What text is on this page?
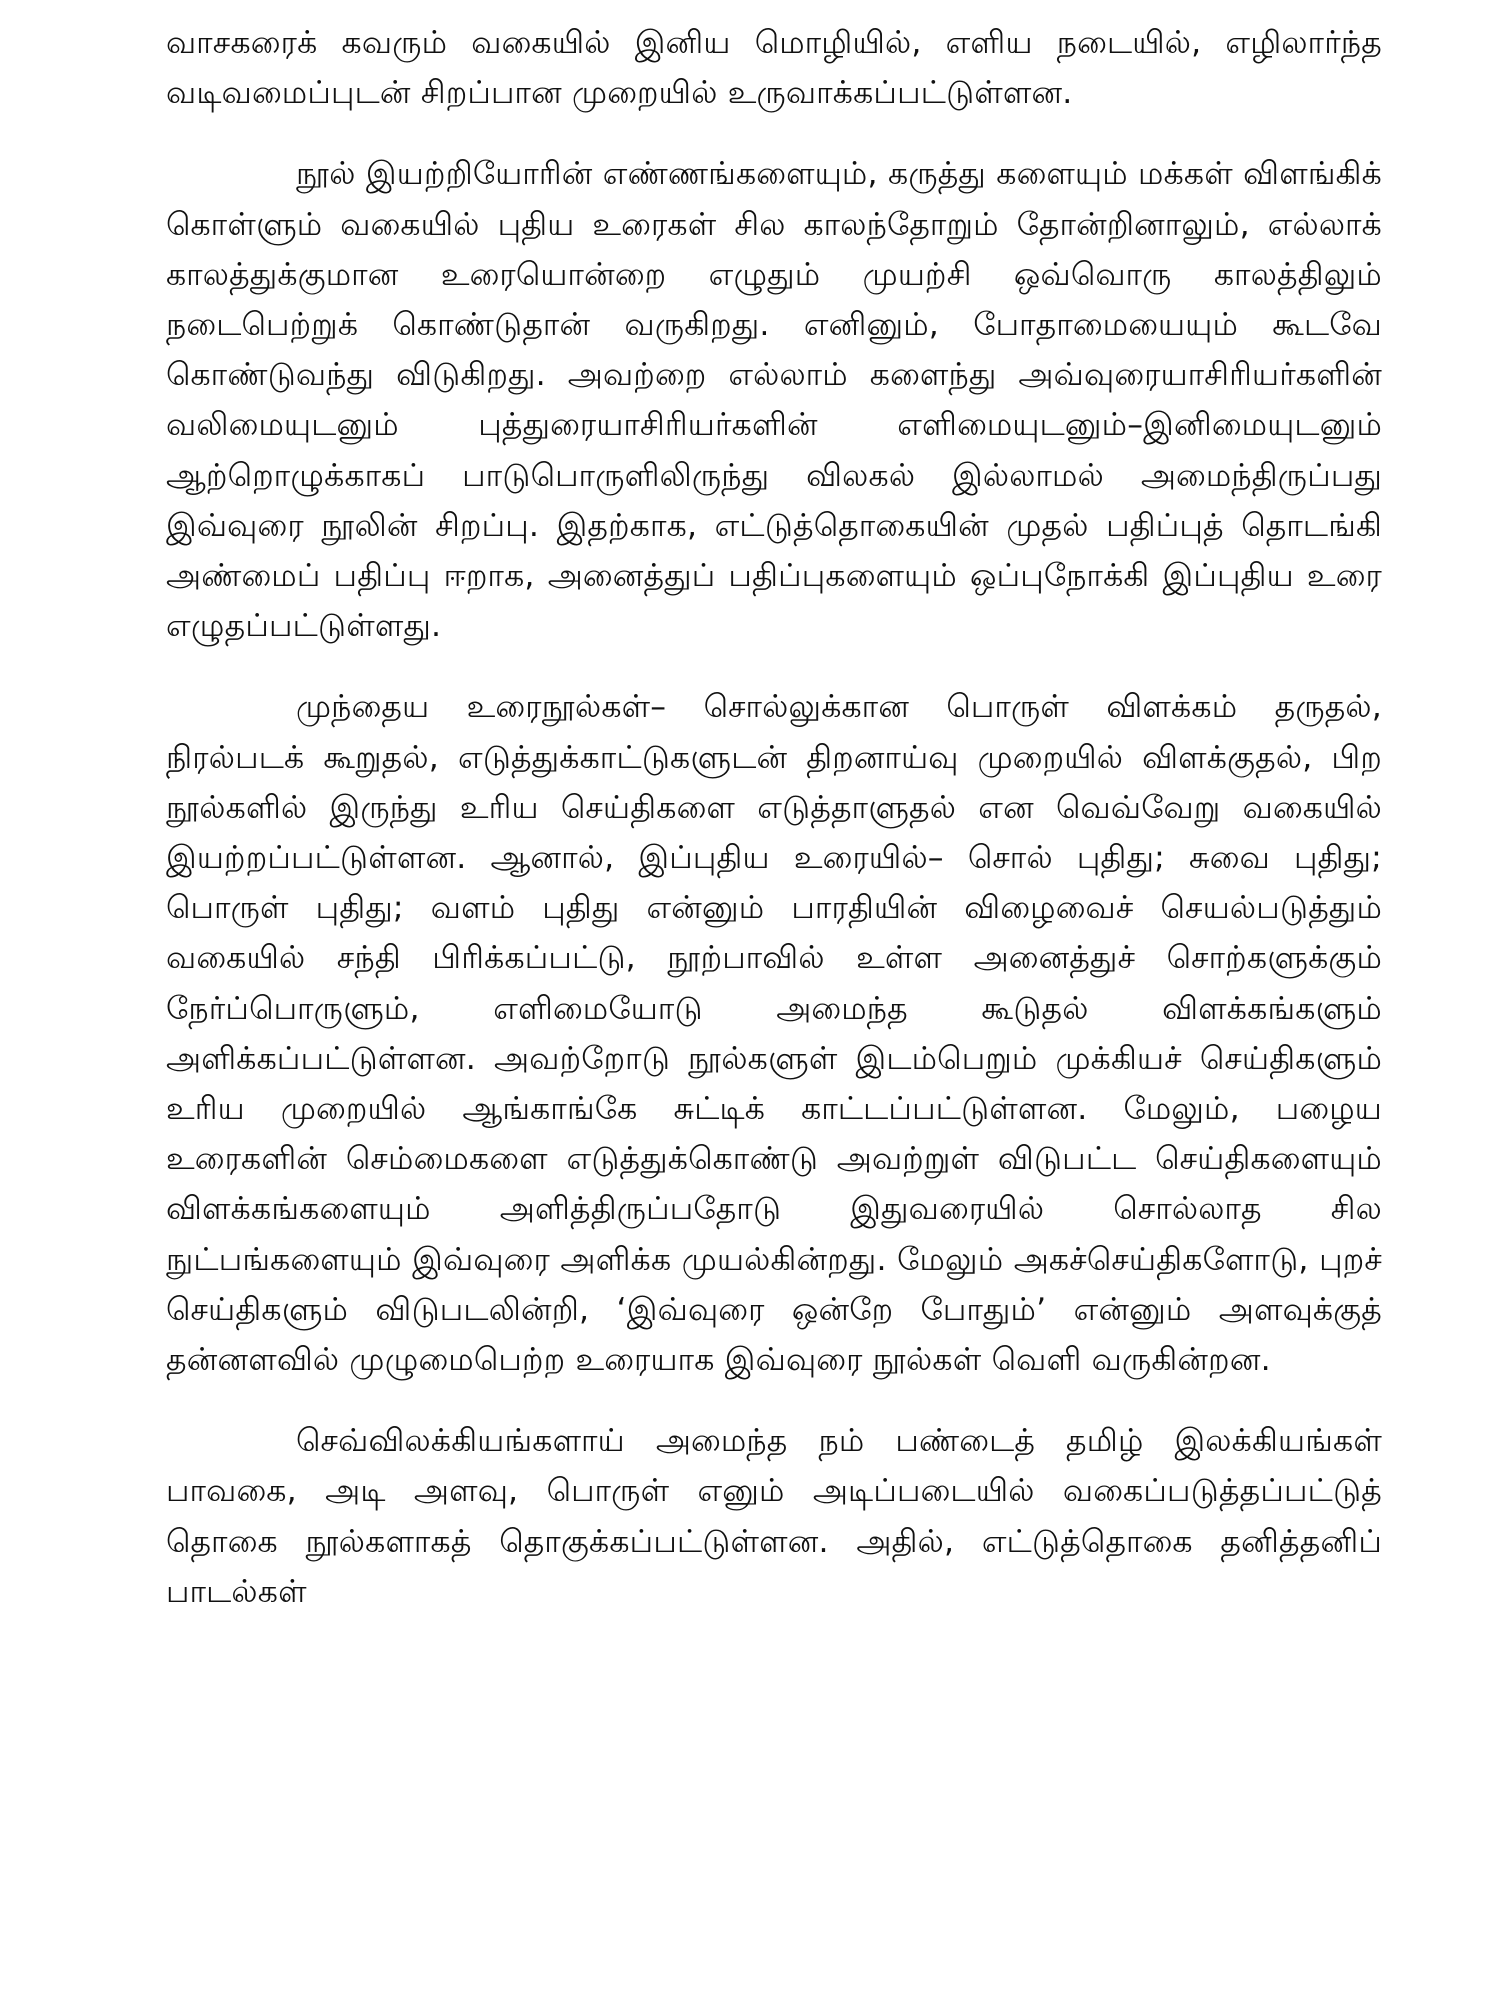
வாசகரைக் கவரும் வகையில் இனிய மொழியில், எளிய நடையில், எழிலார்ந்த வடிவமைப்புடன் சிறப்பான முறையில் உருவாக்கப்பட்டுள்ளன.

நூல் இயற்றியோரின் எண்ணங்களையும், கருத்து களையும் மக்கள் விளங்கிக் கொள்ளும் வகையில் புதிய உரைகள் சில காலந்தோறும் தோன்றினாலும், எல்லாக் காலத்துக்குமான உரையொன்றை எழுதும் முயற்சி ஒவ்வொரு காலத்திலும் நடைபெற்றுக் கொண்டுதான் வருகிறது. எனினும், போதாமையையும் கூடவே கொண்டுவந்து விடுகிறது. அவற்றை எல்லாம் களைந்து அவ்வுரையாசிரியர்களின் வலிமையுடனும் புத்துரையாசிரியர்களின் எளிமையுடனும்–இனிமையுடனும் ஆற்றொழுக்காகப் பாடுபொருளிலிருந்து விலகல் இல்லாமல் அமைந்திருப்பது இவ்வுரை நூலின் சிறப்பு. இதற்காக, எட்டுத்தொகையின் முதல் பதிப்புத் தொடங்கி அண்மைப் பதிப்பு ஈறாக, அனைத்துப் பதிப்புகளையும் ஒப்புநோக்கி இப்புதிய உரை எழுதப்பட்டுள்ளது.

முந்தைய உரைநூல்கள்– சொல்லுக்கான பொருள் விளக்கம் தருதல், நிரல்படக் கூறுதல், எடுத்துக்காட்டுகளுடன் திறனாய்வு முறையில் விளக்குதல், பிற நூல்களில் இருந்து உரிய செய்திகளை எடுத்தாளுதல் என வெவ்வேறு வகையில் இயற்றப்பட்டுள்ளன. ஆனால், இப்புதிய உரையில்– சொல் புதிது; சுவை புதிது; பொருள் புதிது; வளம் புதிது என்னும் பாரதியின் விழைவைச் செயல்படுத்தும் வகையில் சந்தி பிரிக்கப்பட்டு, நூற்பாவில் உள்ள அனைத்துச் சொற்களுக்கும் நேர்ப்பொருளும், எளிமையோடு அமைந்த கூடுதல் விளக்கங்களும் அளிக்கப்பட்டுள்ளன. அவற்றோடு நூல்களுள் இடம்பெறும் முக்கியச் செய்திகளும் உரிய முறையில் ஆங்காங்கே சுட்டிக் காட்டப்பட்டுள்ளன. மேலும், பழைய உரைகளின் செம்மைகளை எடுத்துக்கொண்டு அவற்றுள் விடுபட்ட செய்திகளையும் விளக்கங்களையும் அளித்திருப்பதோடு இதுவரையில் சொல்லாத சில நுட்பங்களையும் இவ்வுரை அளிக்க முயல்கின்றது. மேலும் அகச்செய்திகளோடு, புறச் செய்திகளும் விடுபடலின்றி, ‘இவ்வுரை ஒன்றே போதும்’ என்னும் அளவுக்குத் தன்னளவில் முழுமைபெற்ற உரையாக இவ்வுரை நூல்கள் வெளி வருகின்றன.

செவ்விலக்கியங்களாய் அமைந்த நம் பண்டைத் தமிழ் இலக்கியங்கள் பாவகை, அடி அளவு, பொருள் எனும் அடிப்படையில் வகைப்படுத்தப்பட்டுத் தொகை நூல்களாகத் தொகுக்கப்பட்டுள்ளன. அதில், எட்டுத்தொகை தனித்தனிப் பாடல்கள்
